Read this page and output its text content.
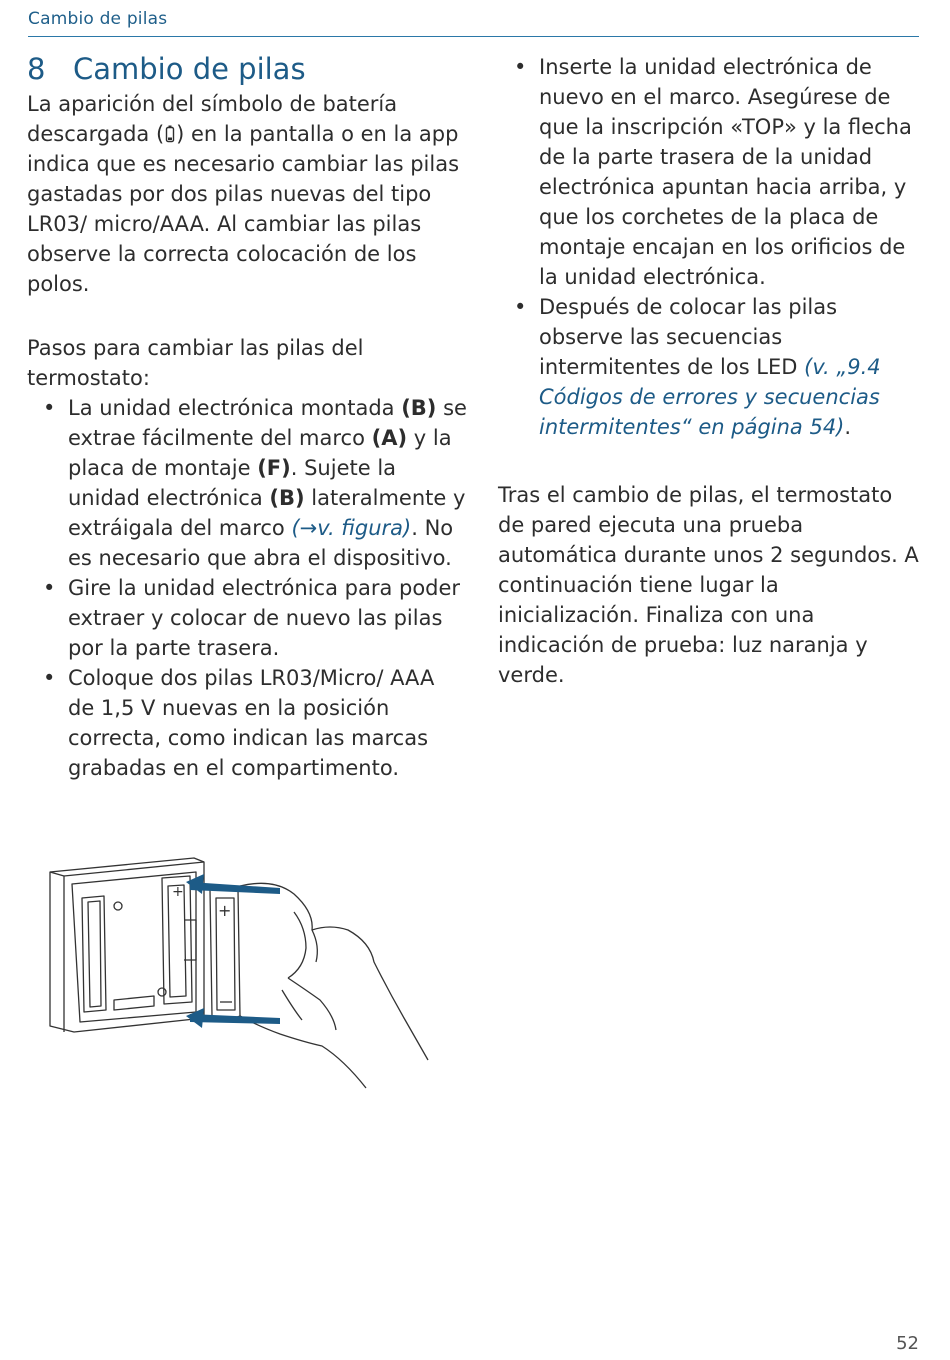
Cambio de pilas
8 Cambio de pilas

La aparición del símbolo de batería descargada ( ) en la pantalla o en la app indica que es necesario cambiar las pilas gastadas por dos pilas nuevas del tipo LR03/ micro/AAA. Al cambiar las pilas observe la correcta colocación de los polos.

Pasos para cambiar las pilas del termostato:

• La unidad electrónica montada (B) se extrae fácilmente del marco (A) y la placa de montaje (F). Sujete la unidad electrónica (B) lateralmente y extráigala del marco (→v. figura). No es necesario que abra el dispositivo.
• Gire la unidad electrónica para poder extraer y colocar de nuevo las pilas por la parte trasera.
• Coloque dos pilas LR03/Micro/ AAA de 1,5 V nuevas en la posición correcta, como indican las marcas grabadas en el compartimento.
• Inserte la unidad electrónica de nuevo en el marco. Asegúrese de que la inscripción «TOP» y la flecha de la parte trasera de la unidad electrónica apuntan hacia arriba, y que los corchetes de la placa de montaje encajan en los orificios de la unidad electrónica.
• Después de colocar las pilas observe las secuencias intermitentes de los LED (v. „9.4 Códigos de errores y secuencias intermitentes“ en página 54).

Tras el cambio de pilas, el termostato de pared ejecuta una prueba automática durante unos 2 segundos. A continuación tiene lugar la inicialización. Finaliza con una indicación de prueba: luz naranja y verde.

+
+
52
